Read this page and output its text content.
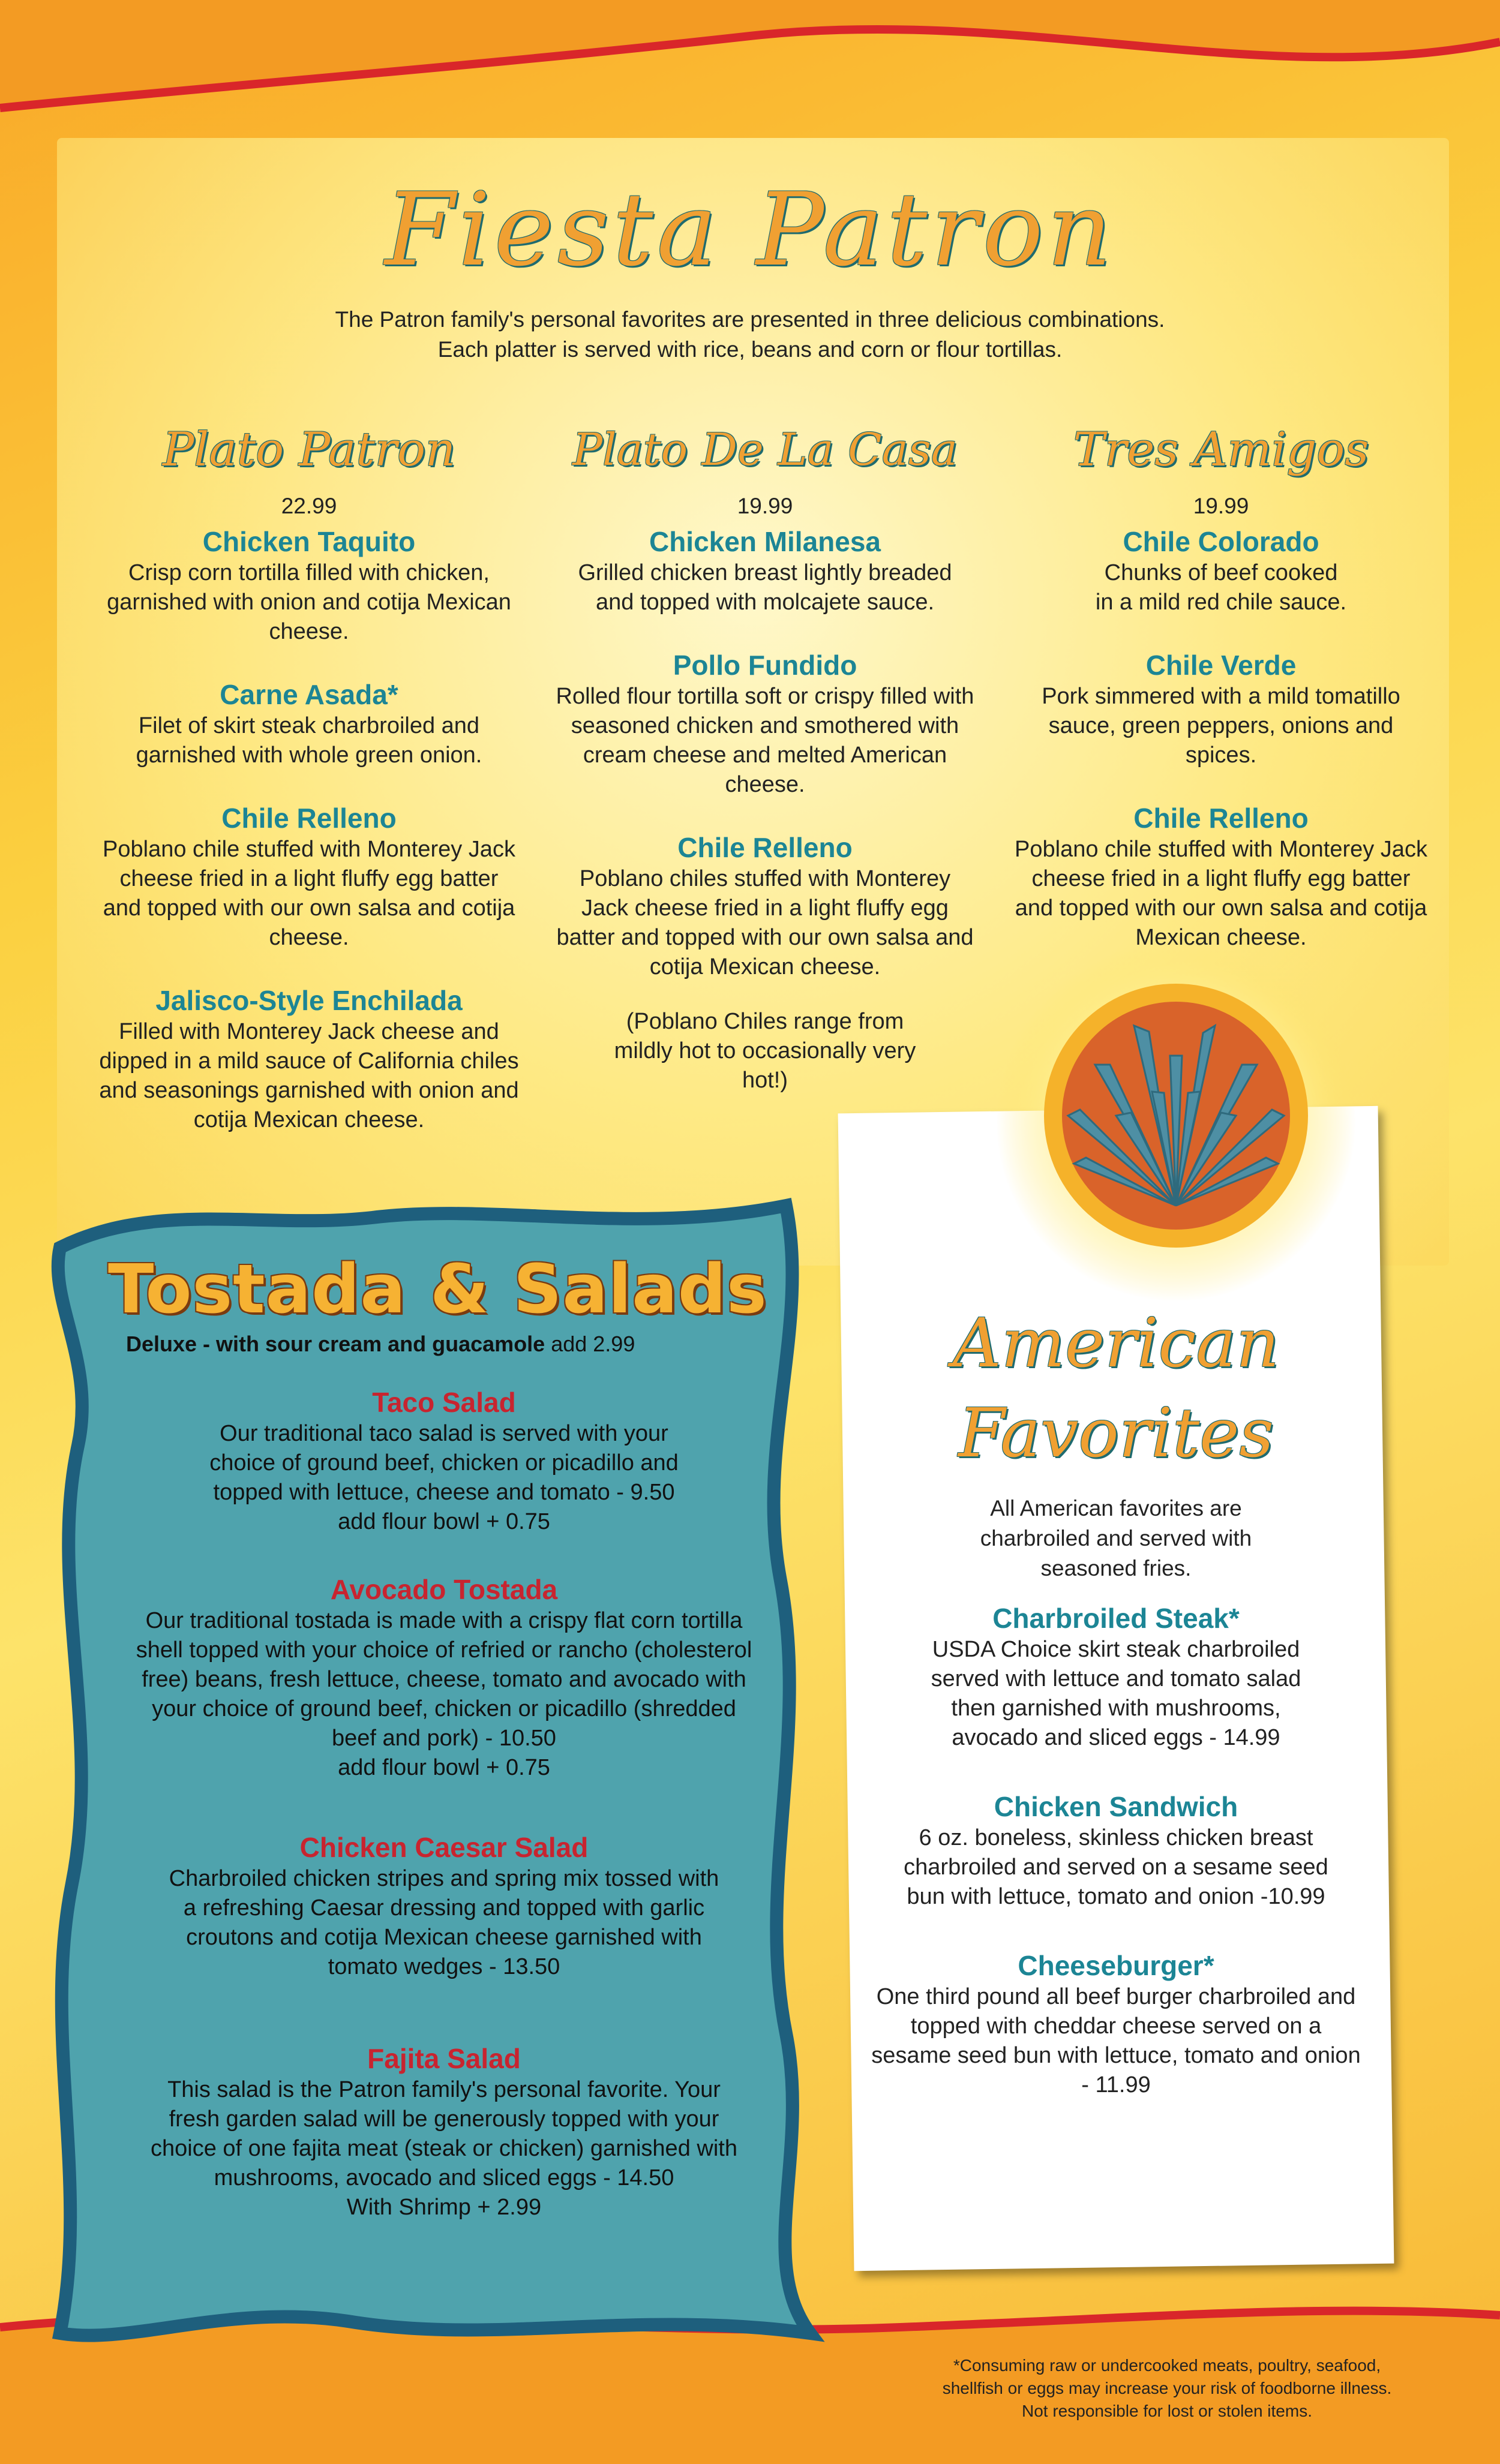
Fiesta Patron
The Patron family's personal favorites are presented in three delicious combinations.
Each platter is served with rice, beans and corn or flour tortillas.
Plato Patron
22.99
Chicken Taquito
Crisp corn tortilla filled with chicken, garnished with onion and cotija Mexican cheese.
Carne Asada*
Filet of skirt steak charbroiled and garnished with whole green onion.
Chile Relleno
Poblano chile stuffed with Monterey Jack cheese fried in a light fluffy egg batter and topped with our own salsa and cotija cheese.
Jalisco-Style Enchilada
Filled with Monterey Jack cheese and dipped in a mild sauce of California chiles and seasonings garnished with onion and cotija Mexican cheese.
Plato De La Casa
19.99
Chicken Milanesa
Grilled chicken breast lightly breaded and topped with molcajete sauce.
Pollo Fundido
Rolled flour tortilla soft or crispy filled with seasoned chicken and smothered with cream cheese and melted American cheese.
Chile Relleno
Poblano chiles stuffed with Monterey Jack cheese fried in a light fluffy egg batter and topped with our own salsa and cotija Mexican cheese.
(Poblano Chiles range from mildly hot to occasionally very hot!)
Tres Amigos
19.99
Chile Colorado
Chunks of beef cooked in a mild red chile sauce.
Chile Verde
Pork simmered with a mild tomatillo sauce, green peppers, onions and spices.
Chile Relleno
Poblano chile stuffed with Monterey Jack cheese fried in a light fluffy egg batter and topped with our own salsa and cotija Mexican cheese.
American
Favorites
All American favorites are charbroiled and served with seasoned fries.
Charbroiled Steak*
USDA Choice skirt steak charbroiled served with lettuce and tomato salad then garnished with mushrooms, avocado and sliced eggs - 14.99
Chicken Sandwich
6 oz. boneless, skinless chicken breast charbroiled and served on a sesame seed bun with lettuce, tomato and onion -10.99
Cheeseburger*
One third pound all beef burger charbroiled and topped with cheddar cheese served on a sesame seed bun with lettuce, tomato and onion - 11.99
Tostada & Salads
Deluxe - with sour cream and guacamole add 2.99
Taco Salad
Our traditional taco salad is served with your choice of ground beef, chicken or picadillo and topped with lettuce, cheese and tomato - 9.50
add flour bowl + 0.75
Avocado Tostada
Our traditional tostada is made with a crispy flat corn tortilla shell topped with your choice of refried or rancho (cholesterol free) beans, fresh lettuce, cheese, tomato and avocado with your choice of ground beef, chicken or picadillo (shredded beef and pork) - 10.50
add flour bowl + 0.75
Chicken Caesar Salad
Charbroiled chicken stripes and spring mix tossed with a refreshing Caesar dressing and topped with garlic croutons and cotija Mexican cheese garnished with tomato wedges - 13.50
Fajita Salad
This salad is the Patron family's personal favorite. Your fresh garden salad will be generously topped with your choice of one fajita meat (steak or chicken) garnished with mushrooms, avocado and sliced eggs - 14.50
With Shrimp + 2.99
*Consuming raw or undercooked meats, poultry, seafood,
shellfish or eggs may increase your risk of foodborne illness.
Not responsible for lost or stolen items.
